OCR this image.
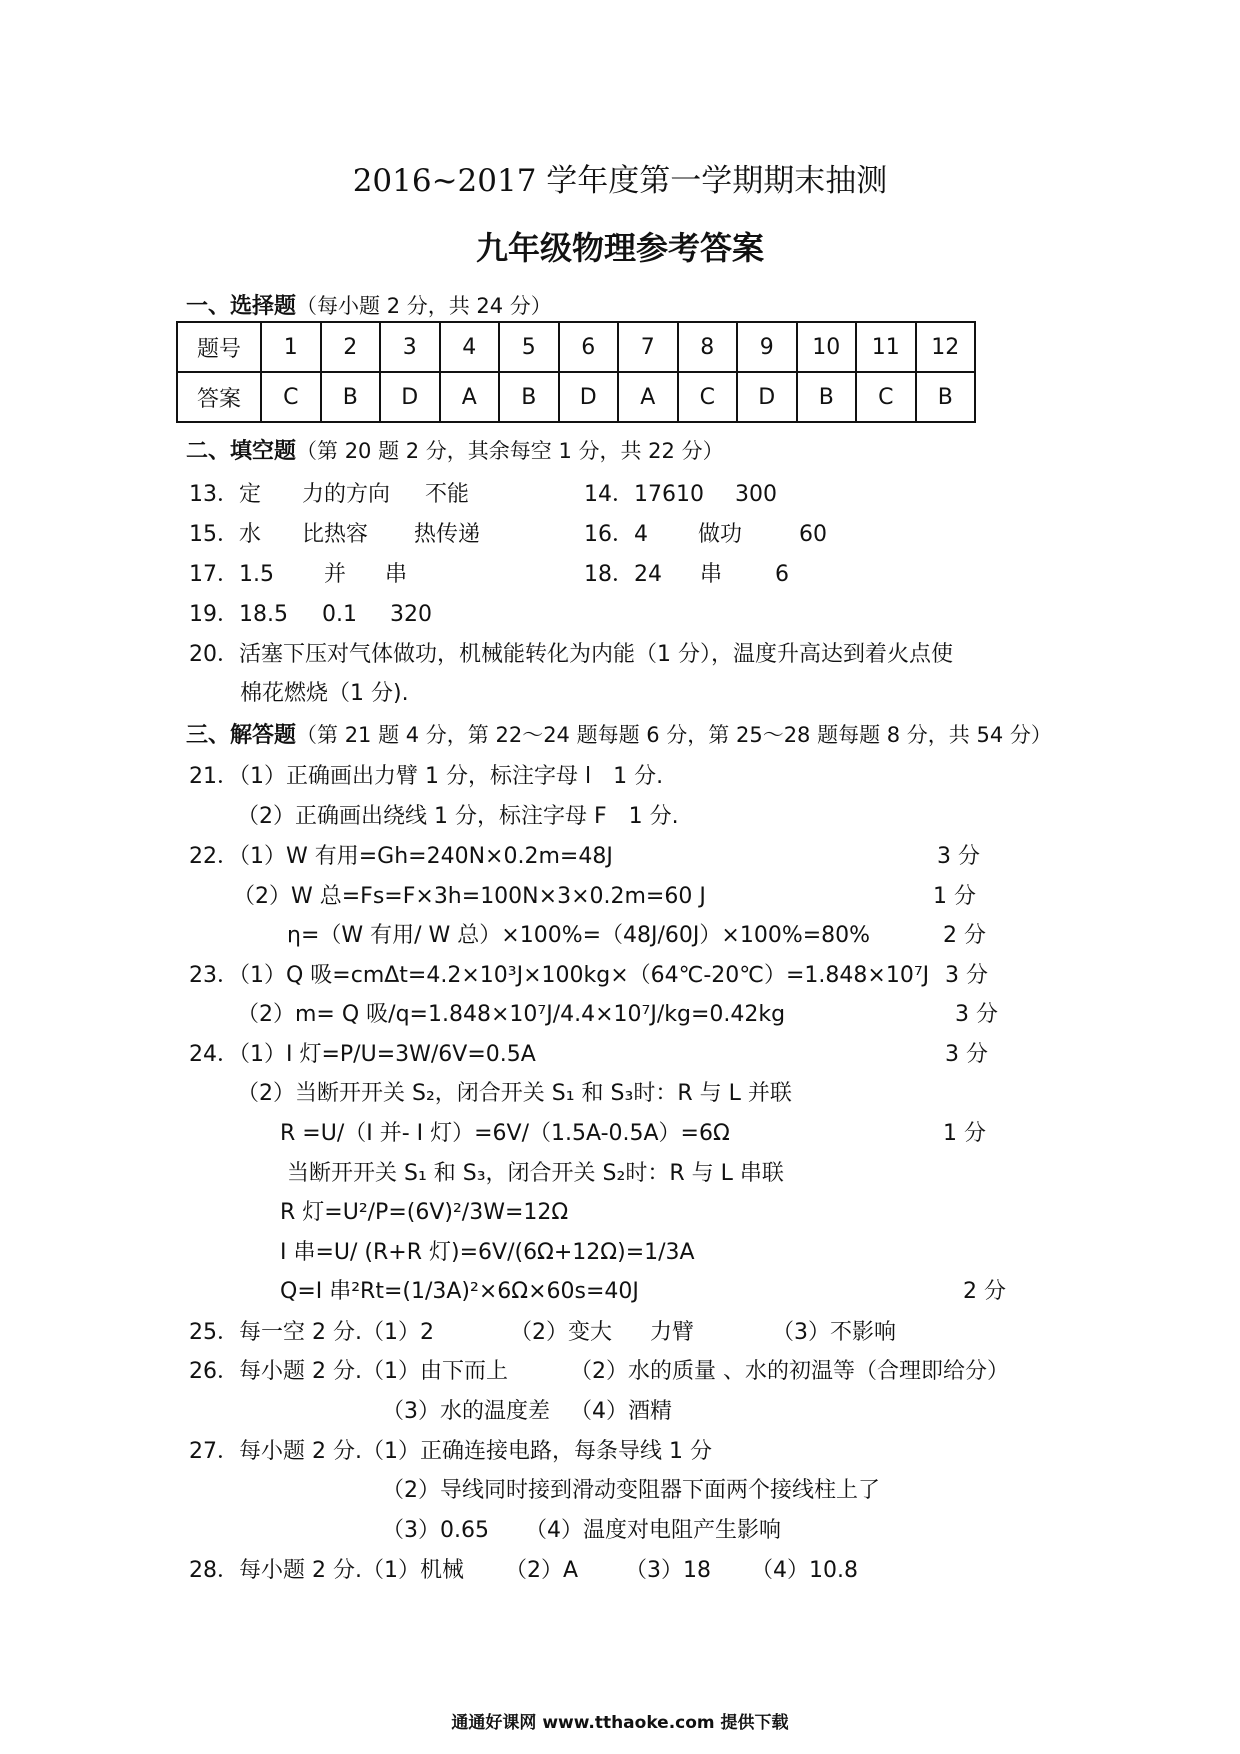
2016~2017 学年度第一学期期末抽测
九年级物理参考答案
一、选择题（每小题 2 分，共 24 分）
题号	1	2	3	4	5	6	7	8	9	10	11	12
答案	C	B	D	A	B	D	A	C	D	B	C	B
二、填空题（第 20 题 2 分，其余每空 1 分，共 22 分）
13．定 力的方向 不能	14．17610 300
15．水 比热容 热传递	16．4 做功	60
17．1.5 并 串	18．24 串 6
19．18.5 0.1 320
20．活塞下压对气体做功，机械能转化为内能（1 分），温度升高达到着火点使
棉花燃烧（1 分).
三、解答题（第 21 题 4 分，第 22～24 题每题 6 分，第 25～28 题每题 8 分，共 54 分）
21．（1）正确画出力臂 1 分，标注字母 l　1 分.
（2）正确画出绕线 1 分，标注字母 F　1 分.
22．（1）W 有用=Gh=240N×0.2m=48J	3 分
（2）W 总=Fs=F×3h=100N×3×0.2m=60 J	1 分
η=（W 有用/ W 总）×100%=（48J/60J）×100%=80%	2 分
23．（1）Q 吸=cmΔt=4.2×10³J×100kg×（64℃-20℃）=1.848×10⁷J 3 分
（2）m= Q 吸/q=1.848×10⁷J/4.4×10⁷J/kg=0.42kg	3 分
24．（1）I 灯=P/U=3W/6V=0.5A	3 分
（2）当断开开关 S₂，闭合开关 S₁ 和 S₃时：R 与 L 并联
R =U/（I 并- I 灯）=6V/（1.5A-0.5A）=6Ω	1 分
当断开开关 S₁ 和 S₃，闭合开关 S₂时：R 与 L 串联
R 灯=U²/P=(6V)²/3W=12Ω
I 串=U/ (R+R 灯)=6V/(6Ω+12Ω)=1/3A
Q=I 串²Rt=(1/3A)²×6Ω×60s=40J	2 分
25．每一空 2 分.（1）2	（2）变大 力臂	（3）不影响
26．每小题 2 分.（1）由下而上	（2）水的质量 、水的初温等（合理即给分）
（3）水的温度差 （4）酒精
27．每小题 2 分.（1）正确连接电路，每条导线 1 分
（2）导线同时接到滑动变阻器下面两个接线柱上了
（3）0.65 （4）温度对电阻产生影响
28．每小题 2 分.（1）机械 （2）A （3）18 （4）10.8
通通好课网 www.tthaoke.com 提供下载
